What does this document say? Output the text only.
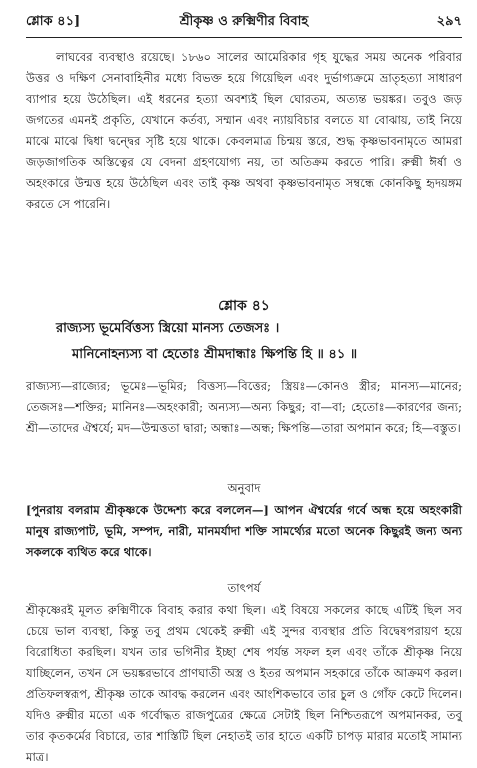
শ্লোক ৪১]	শ্রীকৃষ্ণ ও রুক্মিণীর বিবাহ	২৯৭
লাঘবের ব্যবস্থাও রয়েছে। ১৮৬০ সালের আমেরিকার গৃহ যুদ্ধের সময় অনেক পরিবার উত্তর ও দক্ষিণ সেনাবাহিনীর মধ্যে বিভক্ত হয়ে গিয়েছিল এবং দুর্ভাগ্যক্রমে ভ্রাতৃহত্যা সাধারণ ব্যাপার হয়ে উঠেছিল। এই ধরনের হত্যা অবশ্যই ছিল ঘোরতম, অত্যন্ত ভয়ঙ্কর। তবুও জড় জগতের এমনই প্রকৃতি, যেখানে কর্তব্য, সম্মান এবং ন্যায়বিচার বলতে যা বোঝায়, তাই নিয়ে মাঝে মাঝে দ্বিধা দ্বন্দ্বের সৃষ্টি হয়ে থাকে। কেবলমাত্র চিন্ময় স্তরে, শুদ্ধ কৃষ্ণভাবনামৃতে আমরা জড়জাগতিক অস্তিত্বের যে বেদনা গ্রহণযোগ্য নয়, তা অতিক্রম করতে পারি। রুক্মী ঈর্ষা ও অহংকারে উন্মত্ত হয়ে উঠেছিল এবং তাই কৃষ্ণ অথবা কৃষ্ণভাবনামৃত সম্বন্ধে কোনকিছু হৃদয়ঙ্গম করতে সে পারেনি।
শ্লোক ৪১
রাজ্যস্য ভূমের্বিত্তস্য স্ত্রিয়ো মানস্য তেজসঃ ।
মানিনোহন্যস্য বা হেতোঃ শ্রীমদান্ধাঃ ক্ষিপন্তি হি ॥ ৪১ ॥
রাজ্যস্য—রাজ্যের; ভূমেঃ—ভূমির; বিত্তস্য—বিত্তের; স্ত্রিয়ঃ—কোনও স্ত্রীর; মানস্য—মানের; তেজসঃ—শক্তির; মানিনঃ—অহংকারী; অন্যস্য—অন্য কিছুর; বা—বা; হেতোঃ—কারণের জন্য; শ্রী—তাদের ঐশ্বর্যে; মদ—উন্মত্ততা দ্বারা; অন্ধাঃ—অন্ধ; ক্ষিপন্তি—তারা অপমান করে; হি—বস্তুত।
অনুবাদ
[পুনরায় বলরাম শ্রীকৃষ্ণকে উদ্দেশ্য করে বললেন—] আপন ঐশ্বর্যের গর্বে অন্ধ হয়ে অহংকারী মানুষ রাজ্যপাট, ভূমি, সম্পদ, নারী, মানমর্যাদা শক্তি সামর্থ্যের মতো অনেক কিছুরই জন্য অন্য সকলকে ব্যথিত করে থাকে।
তাৎপর্য
শ্রীকৃষ্ণেরই মূলত রুক্মিণীকে বিবাহ করার কথা ছিল। এই বিষয়ে সকলের কাছে এটিই ছিল সব চেয়ে ভাল ব্যবস্থা, কিন্তু তবু প্রথম থেকেই রুক্মী এই সুন্দর ব্যবস্থার প্রতি বিদ্বেষপরায়ণ হয়ে বিরোধিতা করছিল। যখন তার ভগিনীর ইচ্ছা শেষ পর্যন্ত সফল হল এবং তাঁকে শ্রীকৃষ্ণ নিয়ে যাচ্ছিলেন, তখন সে ভয়ঙ্করভাবে প্রাণঘাতী অস্ত্র ও ইতর অপমান সহকারে তাঁকে আক্রমণ করল। প্রতিফলস্বরূপ, শ্রীকৃষ্ণ তাকে আবদ্ধ করলেন এবং আংশিকভাবে তার চুল ও গোঁফ কেটে দিলেন। যদিও রুক্মীর মতো এক গর্বোদ্ধত রাজপুত্রের ক্ষেত্রে সেটাই ছিল নিশ্চিতরূপে অপমানকর, তবু তার কৃতকর্মের বিচারে, তার শাস্তিটি ছিল নেহাতই তার হাতে একটি চাপড় মারার মতোই সামান্য মাত্র।
